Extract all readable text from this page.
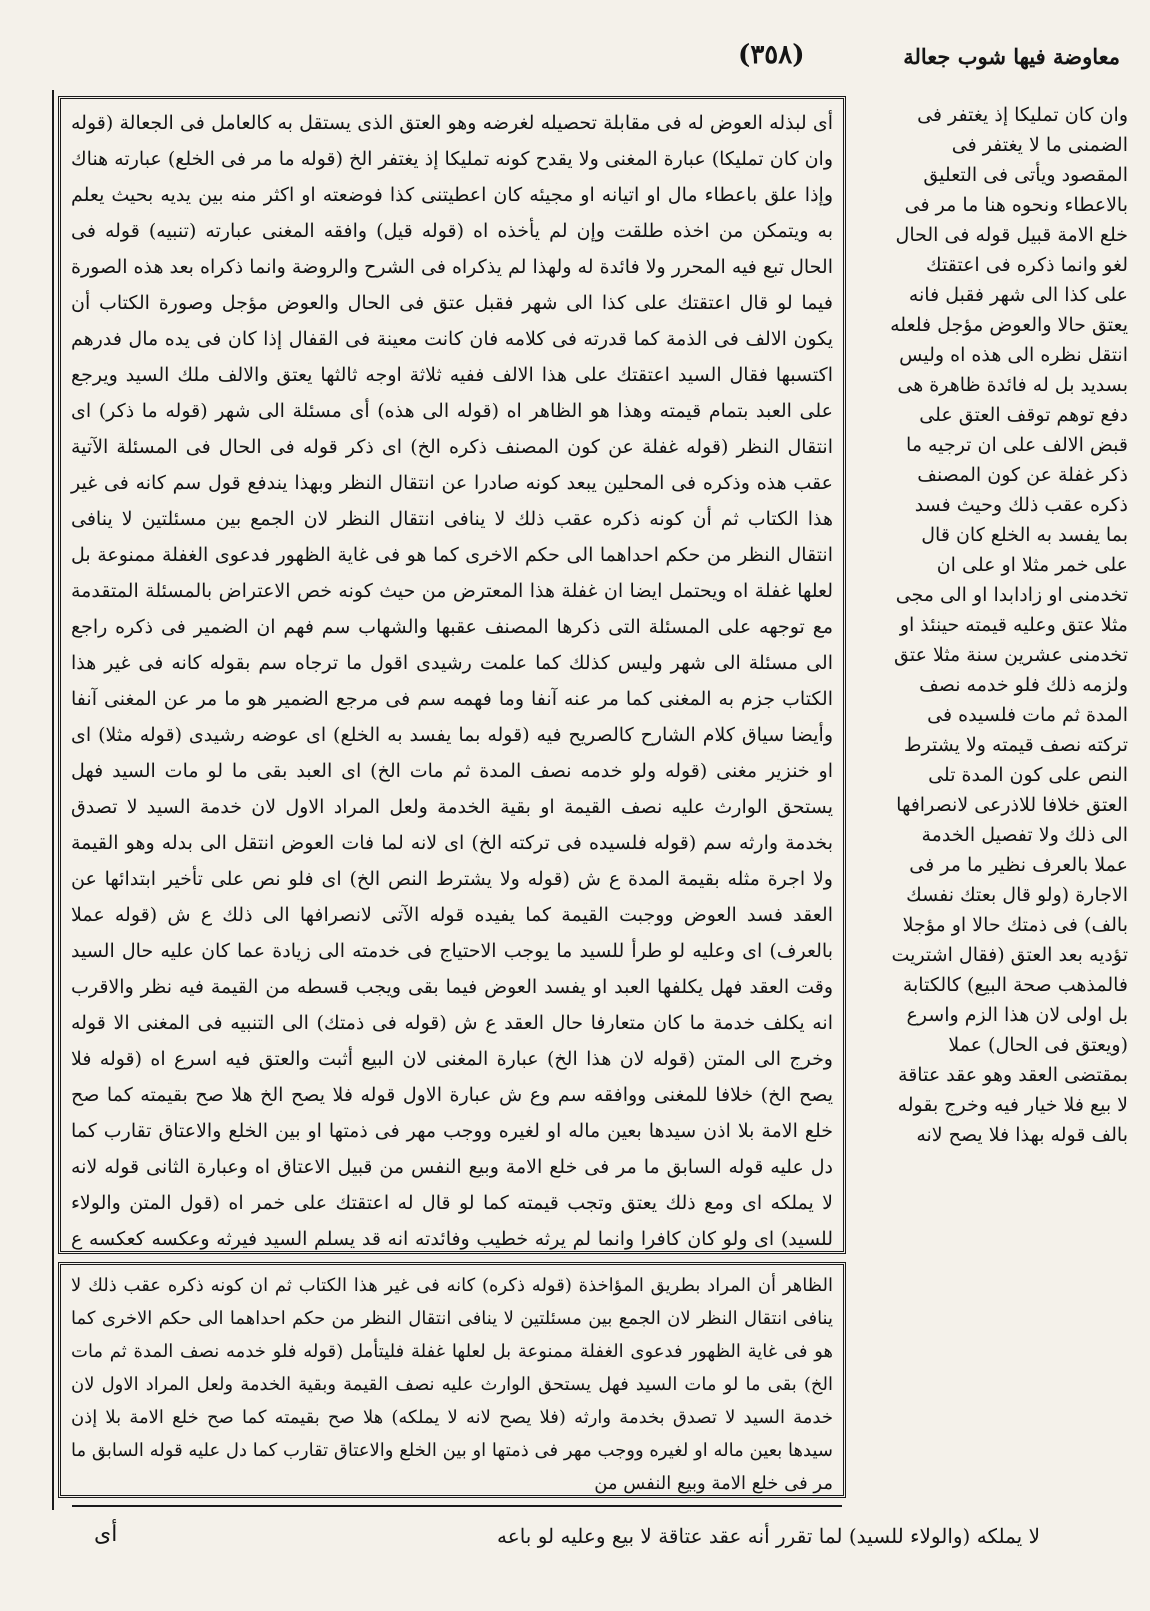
معاوضة فيها شوب جعالة
(٣٥٨)

أى لبذله العوض له فى مقابلة تحصيله لغرضه وهو العتق الذى يستقل به كالعامل فى الجعالة (قوله وان كان تمليكا) عبارة المغنى ولا يقدح كونه تمليكا إذ يغتفر الخ (قوله ما مر فى الخلع) عبارته هناك وإذا علق باعطاء مال او اتيانه او مجيئه كان اعطيتنى كذا فوضعته او اكثر منه بين يديه بحيث يعلم به ويتمكن من اخذه طلقت وإن لم يأخذه اه (قوله قيل) وافقه المغنى عبارته (تنبيه) قوله فى الحال تبع فيه المحرر ولا فائدة له ولهذا لم يذكراه فى الشرح والروضة وانما ذكراه بعد هذه الصورة فيما لو قال اعتقتك على كذا الى شهر فقبل عتق فى الحال والعوض مؤجل وصورة الكتاب أن يكون الالف فى الذمة كما قدرته فى كلامه فان كانت معينة فى القفال إذا كان فى يده مال فدرهم اكتسبها فقال السيد اعتقتك على هذا الالف ففيه ثلاثة اوجه ثالثها يعتق والالف ملك السيد ويرجع على العبد بتمام قيمته وهذا هو الظاهر اه (قوله الى هذه) أى مسئلة الى شهر (قوله ما ذكر) اى انتقال النظر (قوله غفلة عن كون المصنف ذكره الخ) اى ذكر قوله فى الحال فى المسئلة الآتية عقب هذه وذكره فى المحلين يبعد كونه صادرا عن انتقال النظر وبهذا يندفع قول سم كانه فى غير هذا الكتاب ثم أن كونه ذكره عقب ذلك لا ينافى انتقال النظر لان الجمع بين مسئلتين لا ينافى انتقال النظر من حكم احداهما الى حكم الاخرى كما هو فى غاية الظهور فدعوى الغفلة ممنوعة بل لعلها غفلة اه ويحتمل ايضا ان غفلة هذا المعترض من حيث كونه خص الاعتراض بالمسئلة المتقدمة مع توجهه على المسئلة التى ذكرها المصنف عقبها والشهاب سم فهم ان الضمير فى ذكره راجع الى مسئلة الى شهر وليس كذلك كما علمت رشيدى اقول ما ترجاه سم بقوله كانه فى غير هذا الكتاب جزم به المغنى كما مر عنه آنفا وما فهمه سم فى مرجع الضمير هو ما مر عن المغنى آنفا وأيضا سياق كلام الشارح كالصريح فيه (قوله بما يفسد به الخلع) اى عوضه رشيدى (قوله مثلا) اى او خنزير مغنى (قوله ولو خدمه نصف المدة ثم مات الخ) اى العبد بقى ما لو مات السيد فهل يستحق الوارث عليه نصف القيمة او بقية الخدمة ولعل المراد الاول لان خدمة السيد لا تصدق بخدمة وارثه سم (قوله فلسيده فى تركته الخ) اى لانه لما فات العوض انتقل الى بدله وهو القيمة ولا اجرة مثله بقيمة المدة ع ش (قوله ولا يشترط النص الخ) اى فلو نص على تأخير ابتدائها عن العقد فسد العوض ووجبت القيمة كما يفيده قوله الآتى لانصرافها الى ذلك ع ش (قوله عملا بالعرف) اى وعليه لو طرأ للسيد ما يوجب الاحتياج فى خدمته الى زيادة عما كان عليه حال السيد وقت العقد فهل يكلفها العبد او يفسد العوض فيما بقى ويجب قسطه من القيمة فيه نظر والاقرب انه يكلف خدمة ما كان متعارفا حال العقد ع ش (قوله فى ذمتك) الى التنبيه فى المغنى الا قوله وخرج الى المتن (قوله لان هذا الخ) عبارة المغنى لان البيع أثبت والعتق فيه اسرع اه (قوله فلا يصح الخ) خلافا للمغنى ووافقه سم وع ش عبارة الاول قوله فلا يصح الخ هلا صح بقيمته كما صح خلع الامة بلا اذن سيدها بعين ماله او لغيره ووجب مهر فى ذمتها او بين الخلع والاعتاق تقارب كما دل عليه قوله السابق ما مر فى خلع الامة وبيع النفس من قبيل الاعتاق اه وعبارة الثانى قوله لانه لا يملكه اى ومع ذلك يعتق وتجب قيمته كما لو قال له اعتقتك على خمر اه (قول المتن والولاء للسيد) اى ولو كان كافرا وانما لم يرثه خطيب وفائدته انه قد يسلم السيد فيرثه وعكسه كعكسه ع

الظاهر أن المراد بطريق المؤاخذة (قوله ذكره) كانه فى غير هذا الكتاب ثم ان كونه ذكره عقب ذلك لا ينافى انتقال النظر لان الجمع بين مسئلتين لا ينافى انتقال النظر من حكم احداهما الى حكم الاخرى كما هو فى غاية الظهور فدعوى الغفلة ممنوعة بل لعلها غفلة فليتأمل (قوله فلو خدمه نصف المدة ثم مات الخ) بقى ما لو مات السيد فهل يستحق الوارث عليه نصف القيمة وبقية الخدمة ولعل المراد الاول لان خدمة السيد لا تصدق بخدمة وارثه (فلا يصح لانه لا يملكه) هلا صح بقيمته كما صح خلع الامة بلا إذن سيدها بعين ماله او لغيره ووجب مهر فى ذمتها او بين الخلع والاعتاق تقارب كما دل عليه قوله السابق ما مر فى خلع الامة وبيع النفس من

وان كان تمليكا إذ يغتفر فى الضمنى ما لا يغتفر فى المقصود ويأتى فى التعليق بالاعطاء ونحوه هنا ما مر فى خلع الامة قبيل قوله فى الحال لغو وانما ذكره فى اعتقتك على كذا الى شهر فقبل فانه يعتق حالا والعوض مؤجل فلعله انتقل نظره الى هذه اه وليس بسديد بل له فائدة ظاهرة هى دفع توهم توقف العتق على قبض الالف على ان ترجيه ما ذكر غفلة عن كون المصنف ذكره عقب ذلك وحيث فسد بما يفسد به الخلع كان قال على خمر مثلا او على ان تخدمنى او زادابدا او الى مجى مثلا عتق وعليه قيمته حينئذ او تخدمنى عشرين سنة مثلا عتق ولزمه ذلك فلو خدمه نصف المدة ثم مات فلسيده فى تركته نصف قيمته ولا يشترط النص على كون المدة تلى العتق خلافا للاذرعى لانصرافها الى ذلك ولا تفصيل الخدمة عملا بالعرف نظير ما مر فى الاجارة (ولو قال بعتك نفسك بالف) فى ذمتك حالا او مؤجلا تؤديه بعد العتق (فقال اشتريت فالمذهب صحة البيع) كالكتابة بل اولى لان هذا الزم واسرع (ويعتق فى الحال) عملا بمقتضى العقد وهو عقد عتاقة لا بيع فلا خيار فيه وخرج بقوله بالف قوله بهذا فلا يصح لانه
لا يملكه (والولاء للسيد) لما تقرر أنه عقد عتاقة لا بيع وعليه لو باعه
أى
